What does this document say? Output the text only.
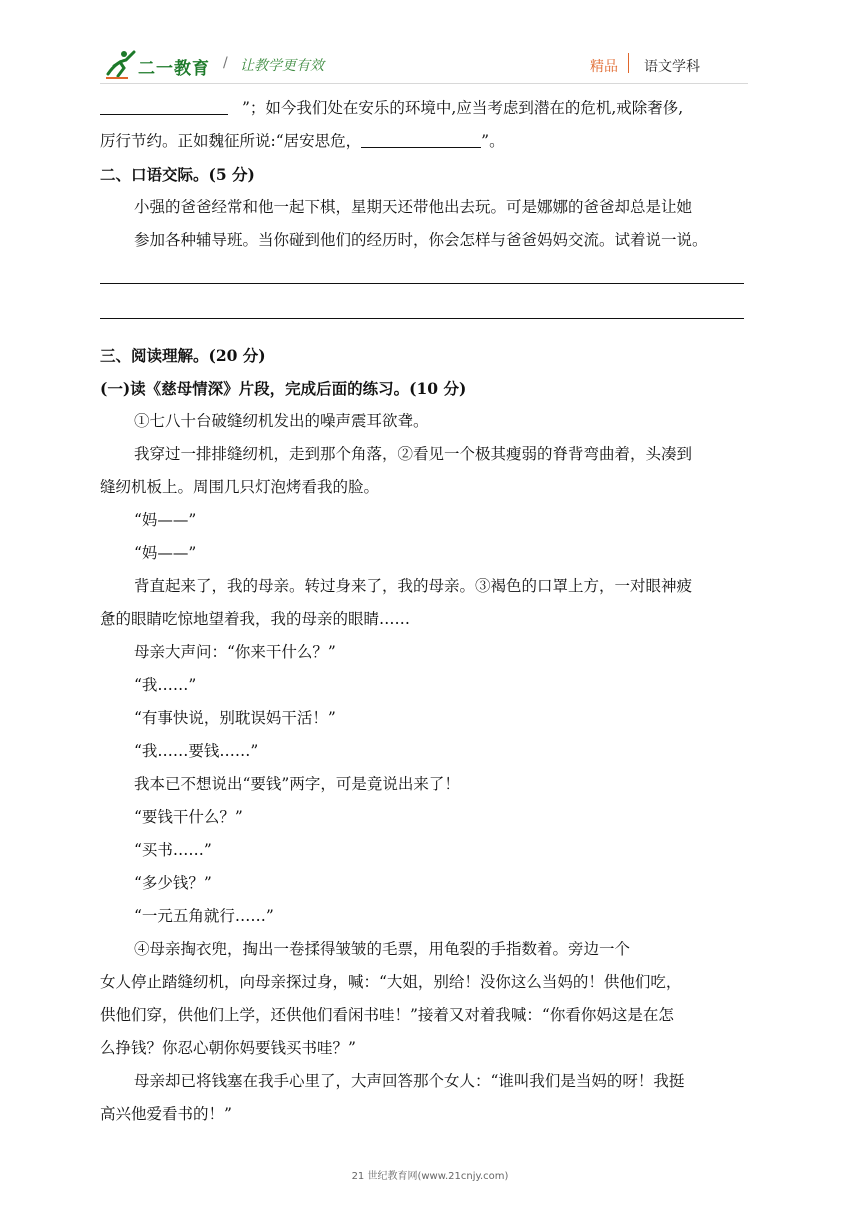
二一教育 / 让教学更有效	精品 语文学科
”；如今我们处在安乐的环境中,应当考虑到潜在的危机,戒除奢侈,
厉行节约。正如魏征所说:“居安思危，	”。
二、口语交际。(5 分)
小强的爸爸经常和他一起下棋，星期天还带他出去玩。可是娜娜的爸爸却总是让她
参加各种辅导班。当你碰到他们的经历时，你会怎样与爸爸妈妈交流。试着说一说。
三、阅读理解。(20 分)
(一)读《慈母情深》片段，完成后面的练习。(10 分)
①七八十台破缝纫机发出的噪声震耳欲聋。
我穿过一排排缝纫机，走到那个角落，②看见一个极其瘦弱的脊背弯曲着，头凑到
缝纫机板上。周围几只灯泡烤看我的脸。
“妈——”
“妈——”
背直起来了，我的母亲。转过身来了，我的母亲。③褐色的口罩上方，一对眼神疲
惫的眼睛吃惊地望着我，我的母亲的眼睛……
母亲大声问：“你来干什么？”
“我……”
“有事快说，别耽误妈干活！”
“我……要钱……”
我本已不想说出“要钱”两字，可是竟说出来了！
“要钱干什么？”
“买书……”
“多少钱？”
“一元五角就行……”
④母亲掏衣兜，掏出一卷揉得皱皱的毛票，用龟裂的手指数着。旁边一个
女人停止踏缝纫机，向母亲探过身，喊：“大姐，别给！没你这么当妈的！供他们吃，
供他们穿，供他们上学，还供他们看闲书哇！”接着又对着我喊：“你看你妈这是在怎
么挣钱？你忍心朝你妈要钱买书哇？”
母亲却已将钱塞在我手心里了，大声回答那个女人：“谁叫我们是当妈的呀！我挺
高兴他爱看书的！”
21 世纪教育网(www.21cnjy.com)
